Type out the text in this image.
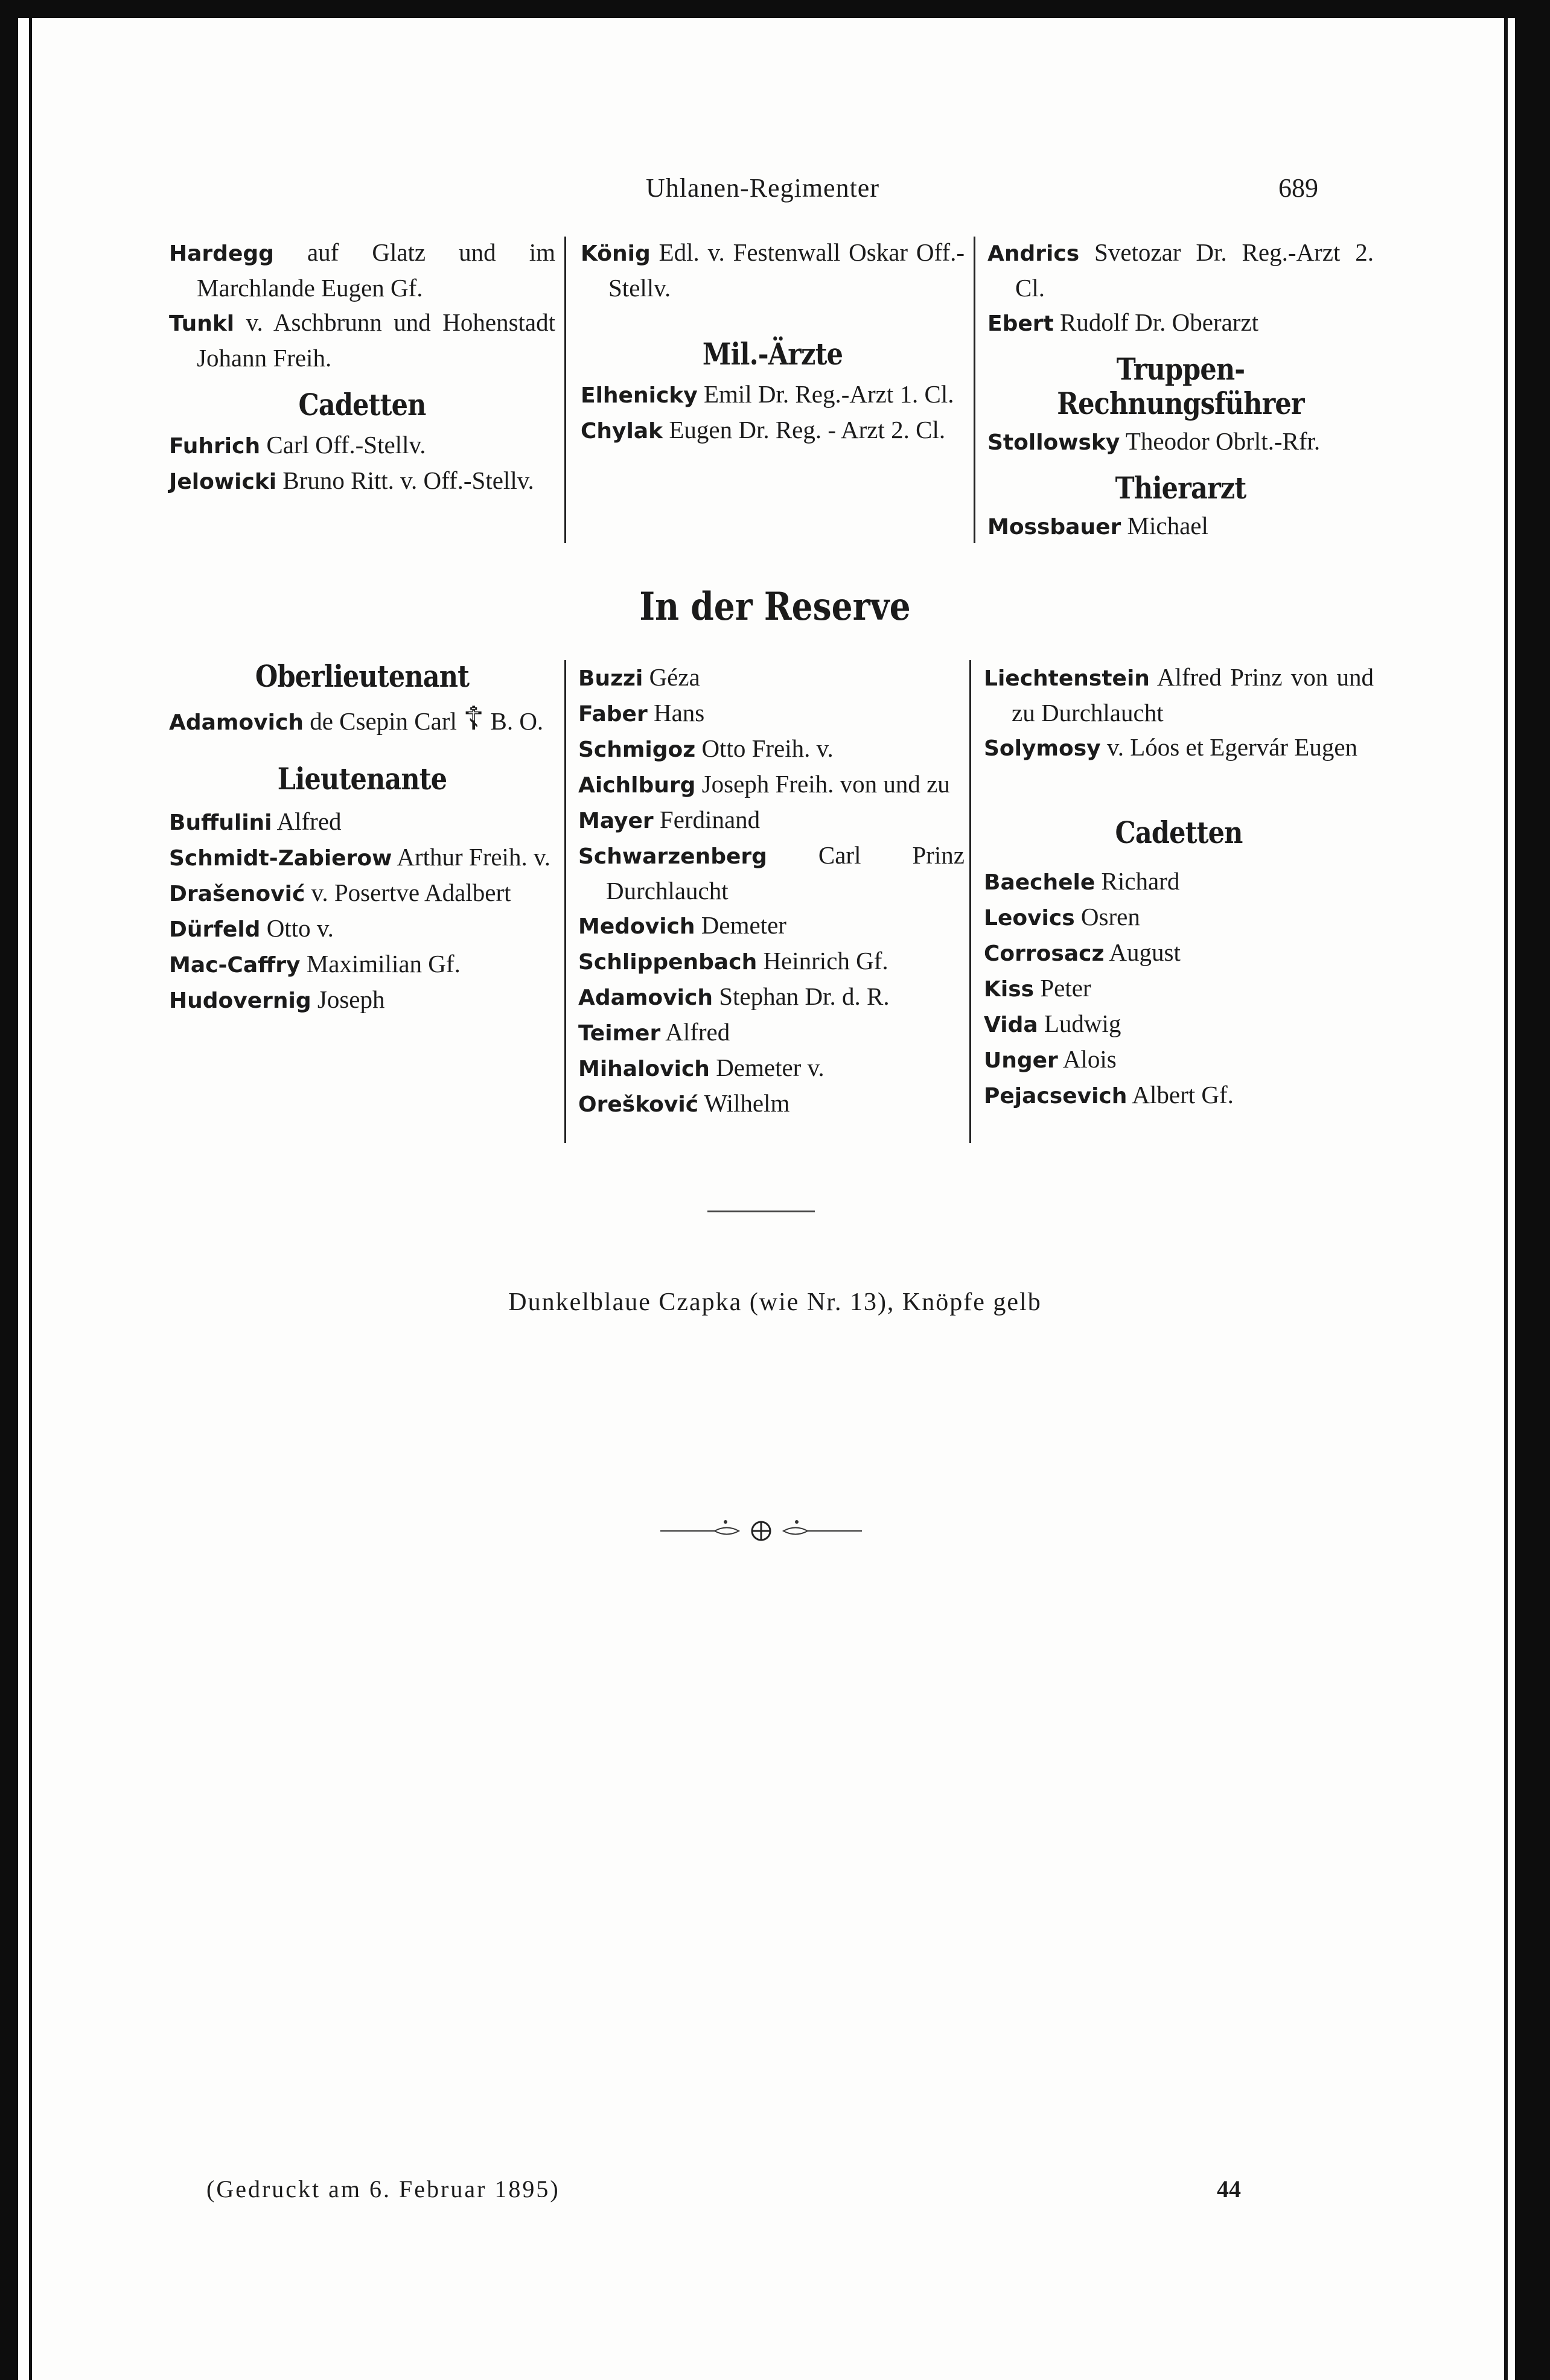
Uhlanen-Regimenter	689

Hardegg auf Glatz und im Marchlande Eugen Gf.

Tunkl v. Aschbrunn und Hohenstadt Johann Freih.

Cadetten

Fuhrich Carl Off.-Stellv.

Jelowicki Bruno Ritt. v. Off.-Stellv.

König Edl. v. Festenwall Oskar Off.-Stellv.

Mil.-Ärzte

Elhenicky Emil Dr. Reg.-Arzt 1. Cl.

Chylak Eugen Dr. Reg. - Arzt 2. Cl.

Andrics Svetozar Dr. Reg.-Arzt 2. Cl.

Ebert Rudolf Dr. Oberarzt

Truppen-Rechnungsführer

Stollowsky Theodor Obrlt.-Rfr.

Thierarzt

Mossbauer Michael

In der Reserve
Oberlieutenant

Adamovich de Csepin Carl ☦ B. O.

Lieutenante

Buffulini Alfred

Schmidt-Zabierow Arthur Freih. v.

Drašenović v. Posertve Adalbert

Dürfeld Otto v.

Mac-Caffry Maximilian Gf.

Hudovernig Joseph

Buzzi Géza

Faber Hans

Schmigoz Otto Freih. v.

Aichlburg Joseph Freih. von und zu

Mayer Ferdinand

Schwarzenberg Carl Prinz Durchlaucht

Medovich Demeter

Schlippenbach Heinrich Gf.

Adamovich Stephan Dr. d. R.

Teimer Alfred

Mihalovich Demeter v.

Orešković Wilhelm

Liechtenstein Alfred Prinz von und zu Durchlaucht

Solymosy v. Lóos et Egervár Eugen

Cadetten

Baechele Richard

Leovics Osren

Corrosacz August

Kiss Peter

Vida Ludwig

Unger Alois

Pejacsevich Albert Gf.

Dunkelblaue Czapka (wie Nr. 13), Knöpfe gelb
(Gedruckt am 6. Februar 1895)	44
